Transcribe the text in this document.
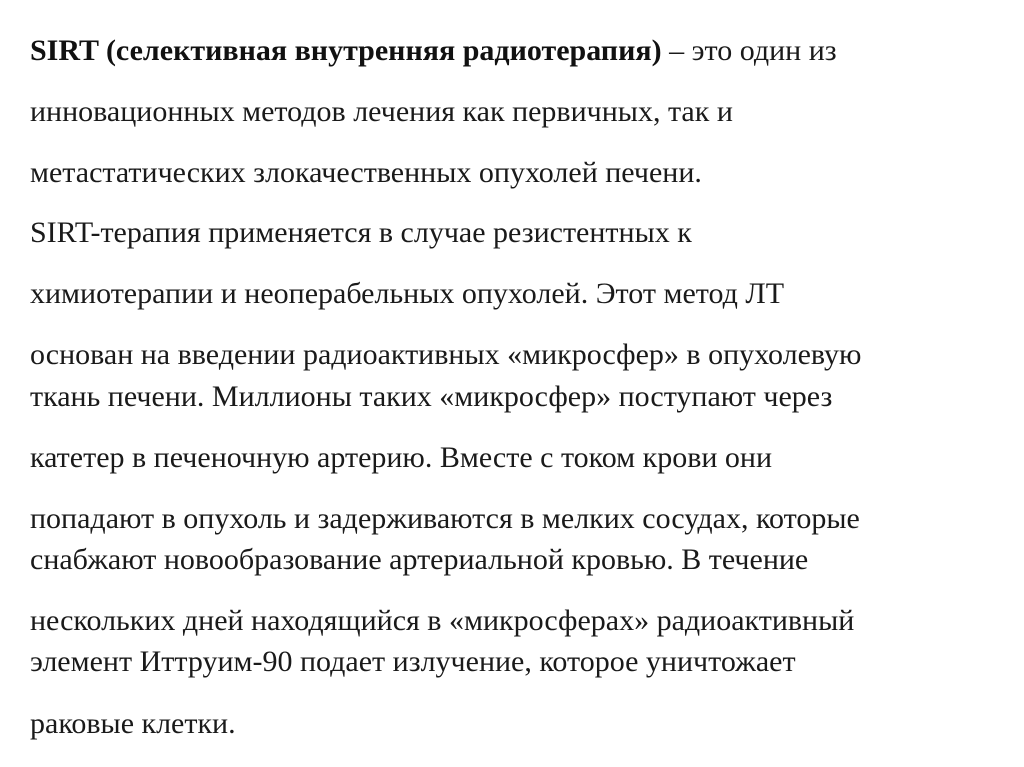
SIRT (селективная внутренняя радиотерапия) – это один из

инновационных методов лечения как первичных, так и

метастатических злокачественных опухолей печени.

SIRT-терапия применяется в случае резистентных к

химиотерапии и неоперабельных опухолей. Этот метод ЛТ

основан на введении радиоактивных «микросфер» в опухолевую

ткань печени. Миллионы таких «микросфер» поступают через

катетер в печеночную артерию. Вместе с током крови они

попадают в опухоль и задерживаются в мелких сосудах, которые

снабжают новообразование артериальной кровью. В течение

нескольких дней находящийся в «микросферах» радиоактивный

элемент Иттруим-90 подает излучение, которое уничтожает

раковые клетки.
